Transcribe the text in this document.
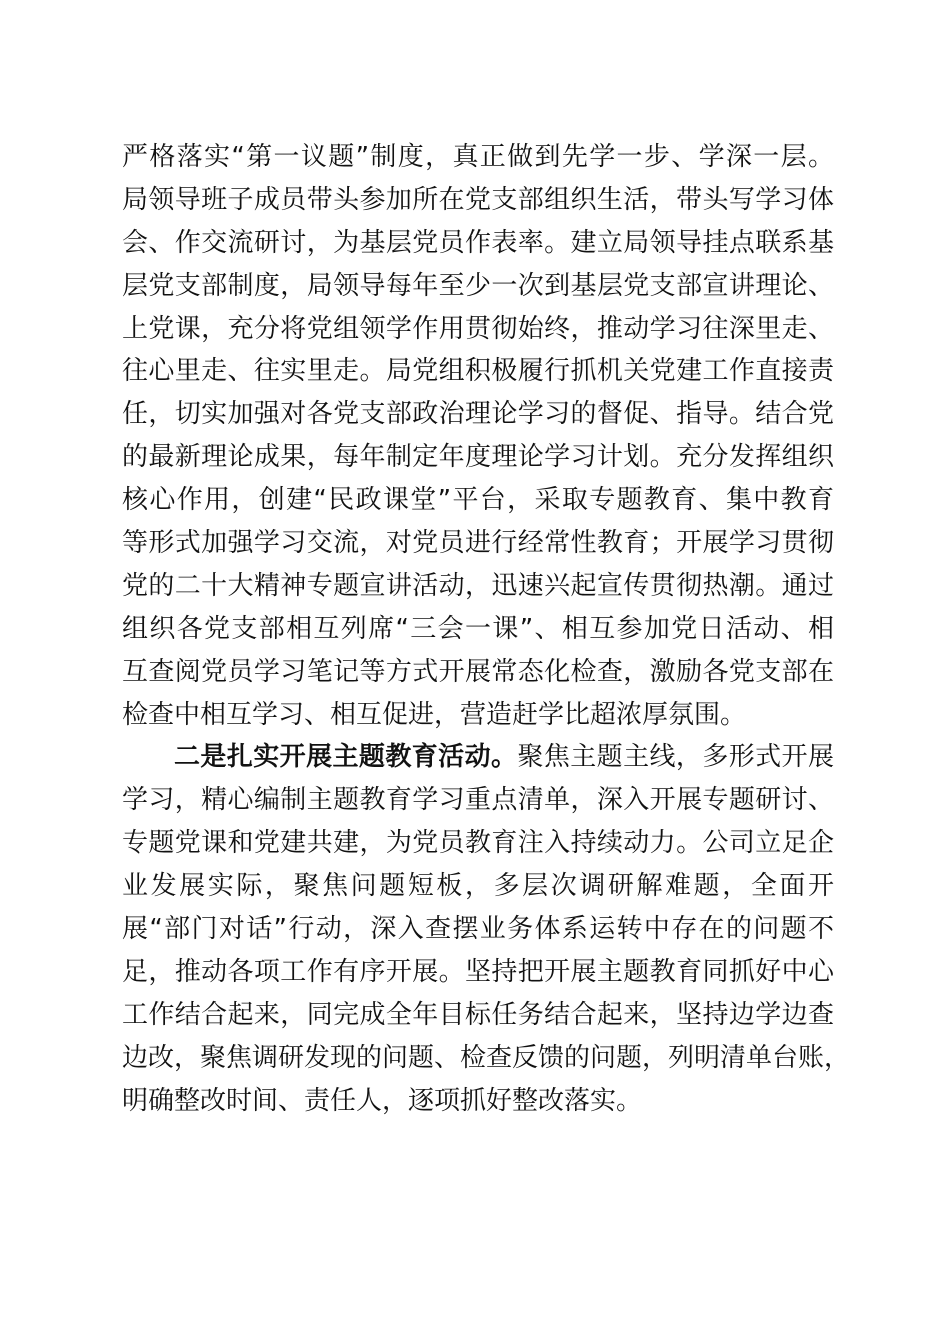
严格落实“第一议题”制度，真正做到先学一步、学深一层。
局领导班子成员带头参加所在党支部组织生活，带头写学习体
会、作交流研讨，为基层党员作表率。建立局领导挂点联系基
层党支部制度，局领导每年至少一次到基层党支部宣讲理论、
上党课，充分将党组领学作用贯彻始终，推动学习往深里走、
往心里走、往实里走。局党组积极履行抓机关党建工作直接责
任，切实加强对各党支部政治理论学习的督促、指导。结合党
的最新理论成果，每年制定年度理论学习计划。充分发挥组织
核心作用，创建“民政课堂”平台，采取专题教育、集中教育
等形式加强学习交流，对党员进行经常性教育；开展学习贯彻
党的二十大精神专题宣讲活动，迅速兴起宣传贯彻热潮。通过
组织各党支部相互列席“三会一课”、相互参加党日活动、相
互查阅党员学习笔记等方式开展常态化检查，激励各党支部在
检查中相互学习、相互促进，营造赶学比超浓厚氛围。
二是扎实开展主题教育活动。聚焦主题主线，多形式开展
学习，精心编制主题教育学习重点清单，深入开展专题研讨、
专题党课和党建共建，为党员教育注入持续动力。公司立足企
业发展实际，聚焦问题短板，多层次调研解难题，全面开
展“部门对话”行动，深入查摆业务体系运转中存在的问题不
足，推动各项工作有序开展。坚持把开展主题教育同抓好中心
工作结合起来，同完成全年目标任务结合起来，坚持边学边查
边改，聚焦调研发现的问题、检查反馈的问题，列明清单台账，
明确整改时间、责任人，逐项抓好整改落实。
